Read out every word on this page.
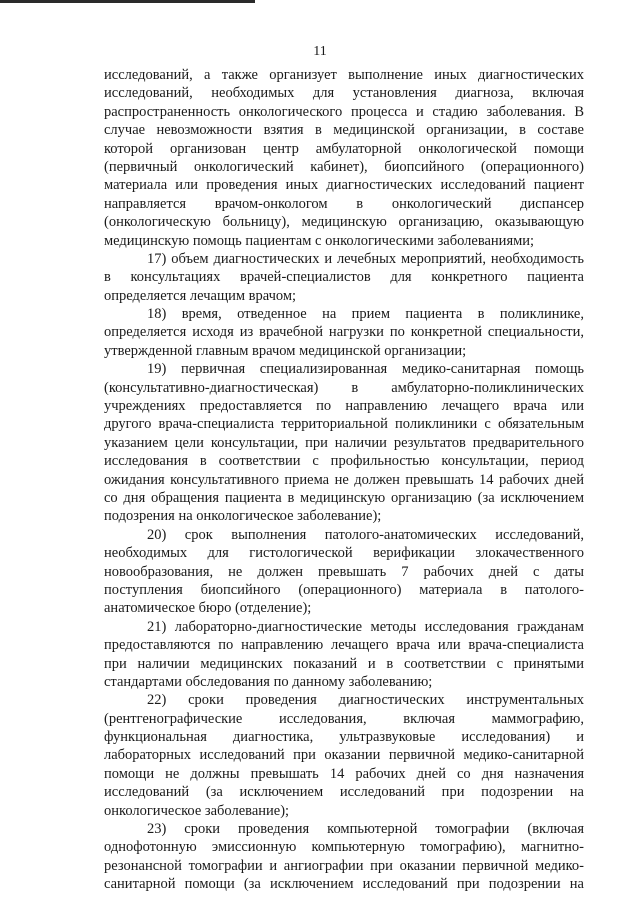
11
исследований, а также организует выполнение иных диагностических
исследований, необходимых для установления диагноза, включая
распространенность онкологического процесса и стадию заболевания. В
случае невозможности взятия в медицинской организации, в составе
которой организован центр амбулаторной онкологической помощи
(первичный онкологический кабинет), биопсийного (операционного)
материала или проведения иных диагностических исследований пациент
направляется врачом-онкологом в онкологический диспансер
(онкологическую больницу), медицинскую организацию, оказывающую
медицинскую помощь пациентам с онкологическими заболеваниями;
17) объем диагностических и лечебных мероприятий, необходимость
в консультациях врачей-специалистов для конкретного пациента
определяется лечащим врачом;
18) время, отведенное на прием пациента в поликлинике,
определяется исходя из врачебной нагрузки по конкретной специальности,
утвержденной главным врачом медицинской организации;
19) первичная специализированная медико-санитарная помощь
(консультативно-диагностическая) в амбулаторно-поликлинических
учреждениях предоставляется по направлению лечащего врача или
другого врача-специалиста территориальной поликлиники с обязательным
указанием цели консультации, при наличии результатов предварительного
исследования в соответствии с профильностью консультации, период
ожидания консультативного приема не должен превышать 14 рабочих дней
со дня обращения пациента в медицинскую организацию (за исключением
подозрения на онкологическое заболевание);
20) срок выполнения патолого-анатомических исследований,
необходимых для гистологической верификации злокачественного
новообразования, не должен превышать 7 рабочих дней с даты
поступления биопсийного (операционного) материала в патолого-
анатомическое бюро (отделение);
21) лабораторно-диагностические методы исследования гражданам
предоставляются по направлению лечащего врача или врача-специалиста
при наличии медицинских показаний и в соответствии с принятыми
стандартами обследования по данному заболеванию;
22) сроки проведения диагностических инструментальных
(рентгенографические исследования, включая маммографию,
функциональная диагностика, ультразвуковые исследования) и
лабораторных исследований при оказании первичной медико-санитарной
помощи не должны превышать 14 рабочих дней со дня назначения
исследований (за исключением исследований при подозрении на
онкологическое заболевание);
23) сроки проведения компьютерной томографии (включая
однофотонную эмиссионную компьютерную томографию), магнитно-
резонансной томографии и ангиографии при оказании первичной медико-
санитарной помощи (за исключением исследований при подозрении на
